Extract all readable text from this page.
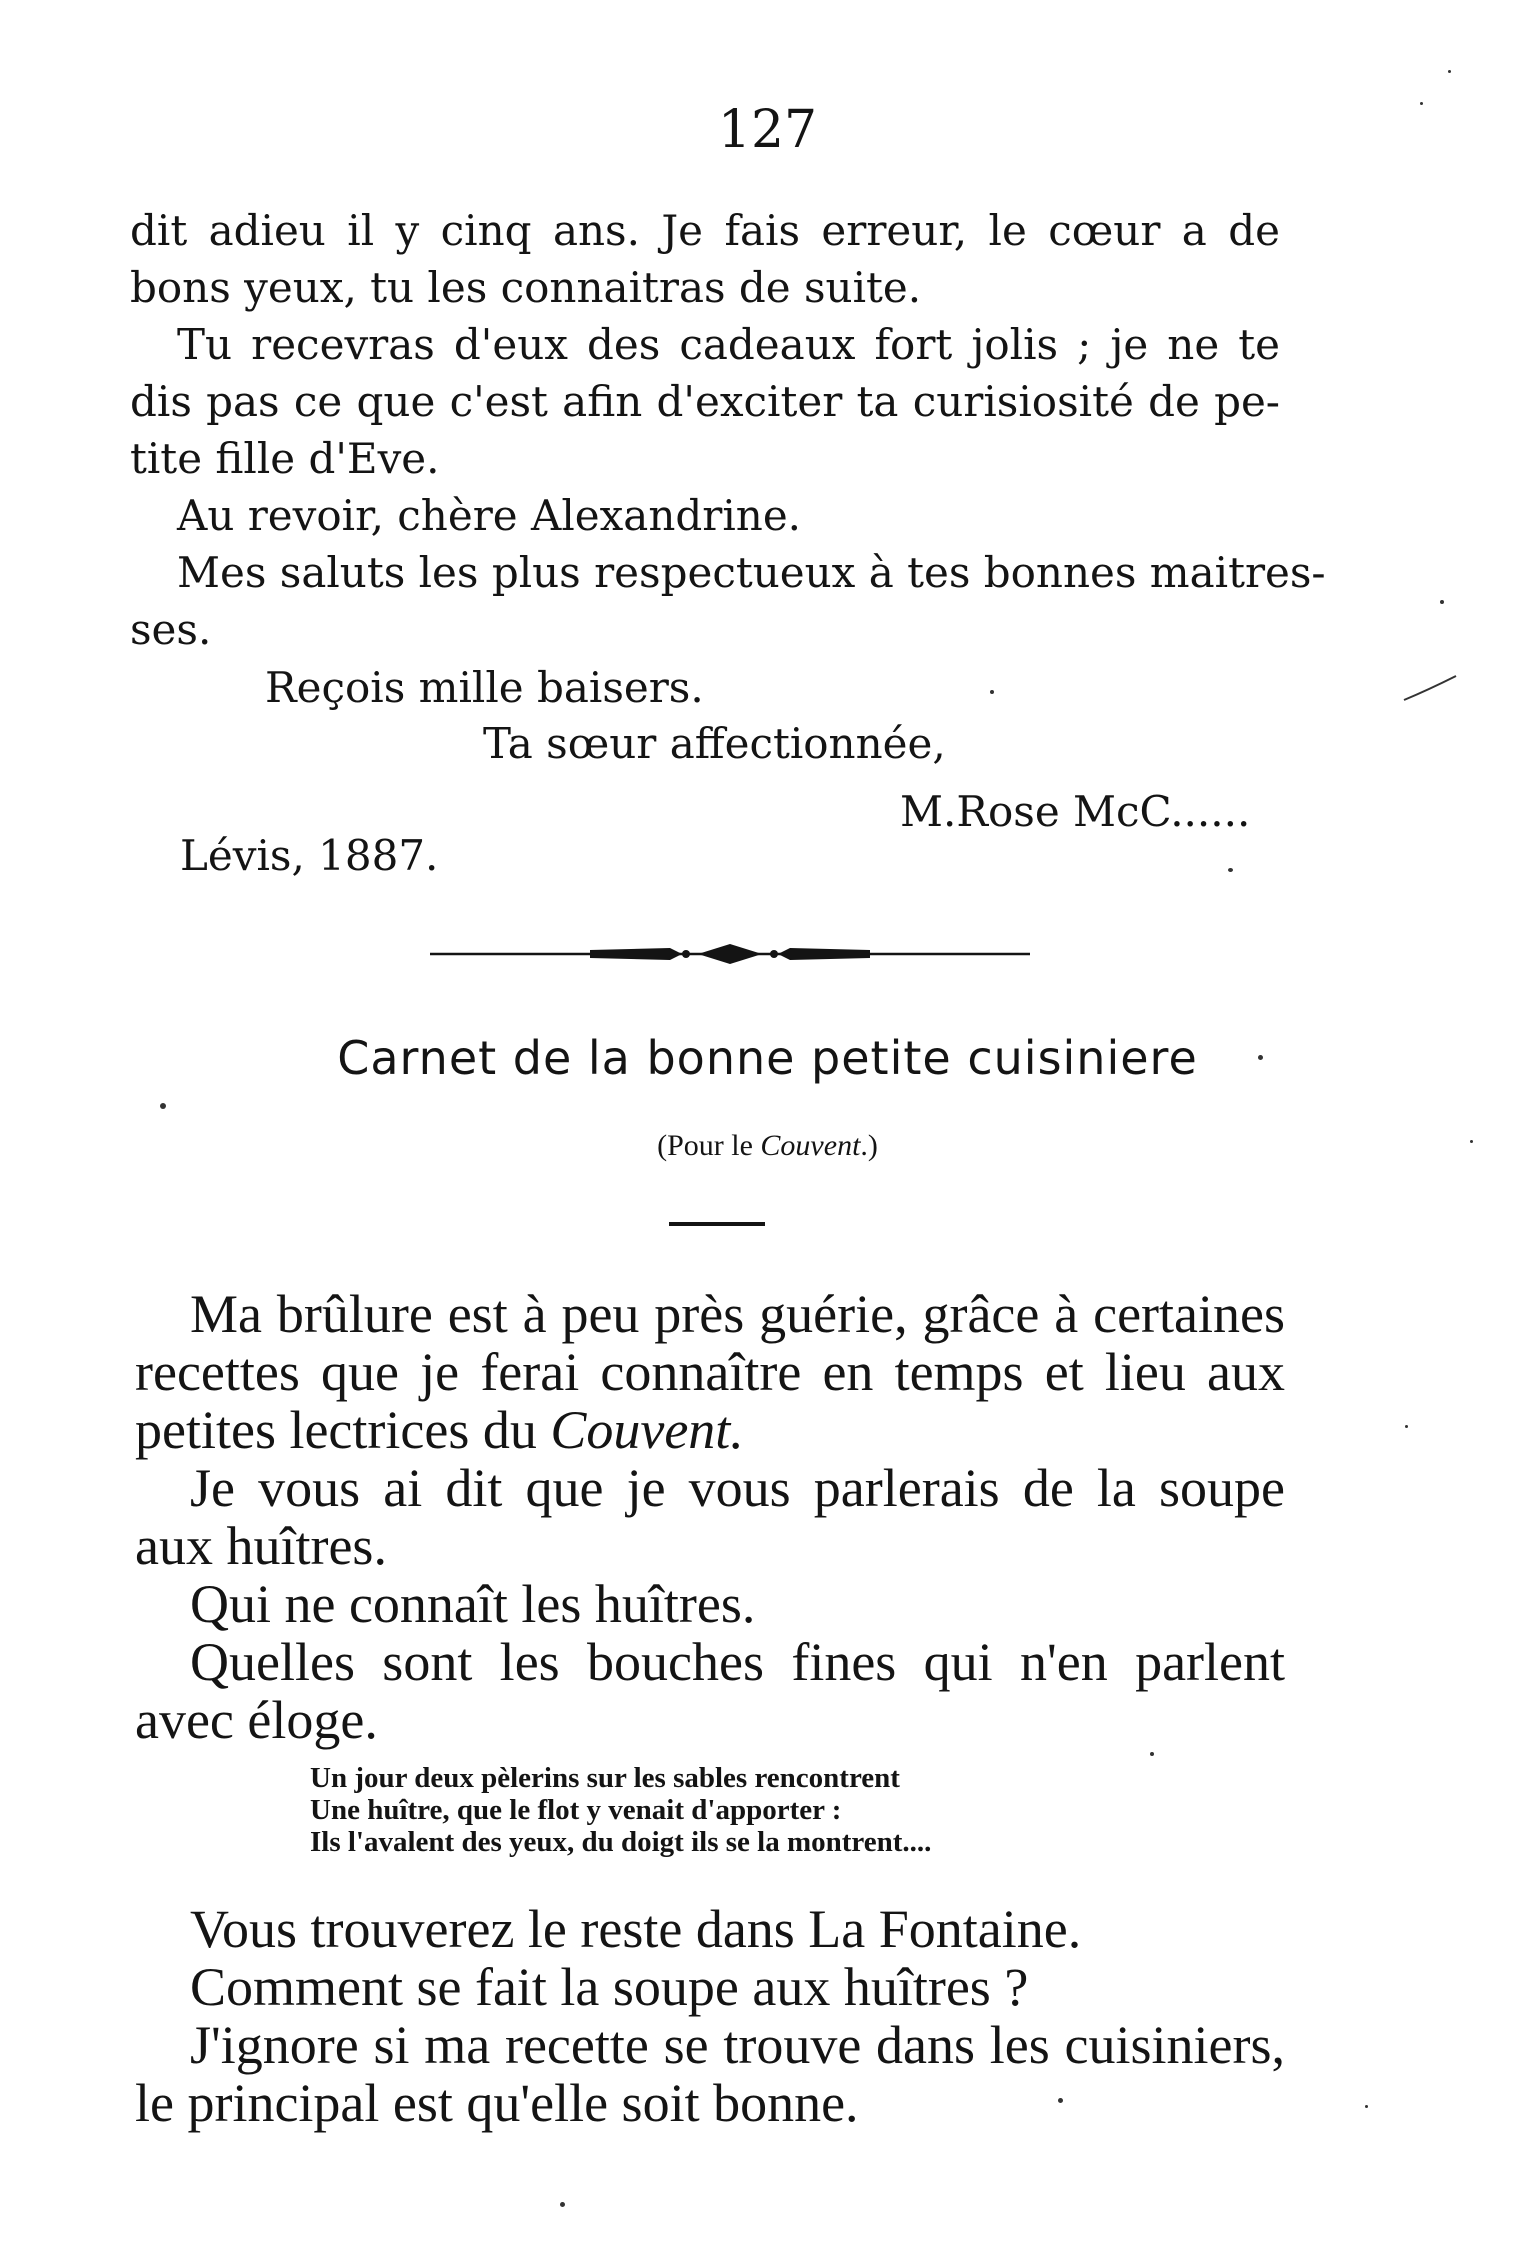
127
dit adieu il y cinq ans. Je fais erreur, le cœur a de
bons yeux, tu les connaitras de suite.
Tu recevras d'eux des cadeaux fort jolis ; je ne te
dis pas ce que c'est afin d'exciter ta curisiosité de pe-
tite fille d'Eve.
Au revoir, chère Alexandrine.
Mes saluts les plus respectueux à tes bonnes maitres-
ses.
Reçois mille baisers.
Ta sœur affectionnée,
M.Rose McC......
Lévis, 1887.
Carnet de la bonne petite cuisiniere
(Pour le Couvent.)
Ma brûlure est à peu près guérie, grâce à certaines
recettes que je ferai connaître en temps et lieu aux
petites lectrices du Couvent.
Je vous ai dit que je vous parlerais de la soupe
aux huîtres.
Qui ne connaît les huîtres.
Quelles sont les bouches fines qui n'en parlent
avec éloge.
Un jour deux pèlerins sur les sables rencontrent
Une huître, que le flot y venait d'apporter :
Ils l'avalent des yeux, du doigt ils se la montrent....
Vous trouverez le reste dans La Fontaine.
Comment se fait la soupe aux huîtres ?
J'ignore si ma recette se trouve dans les cuisiniers,
le principal est qu'elle soit bonne.
